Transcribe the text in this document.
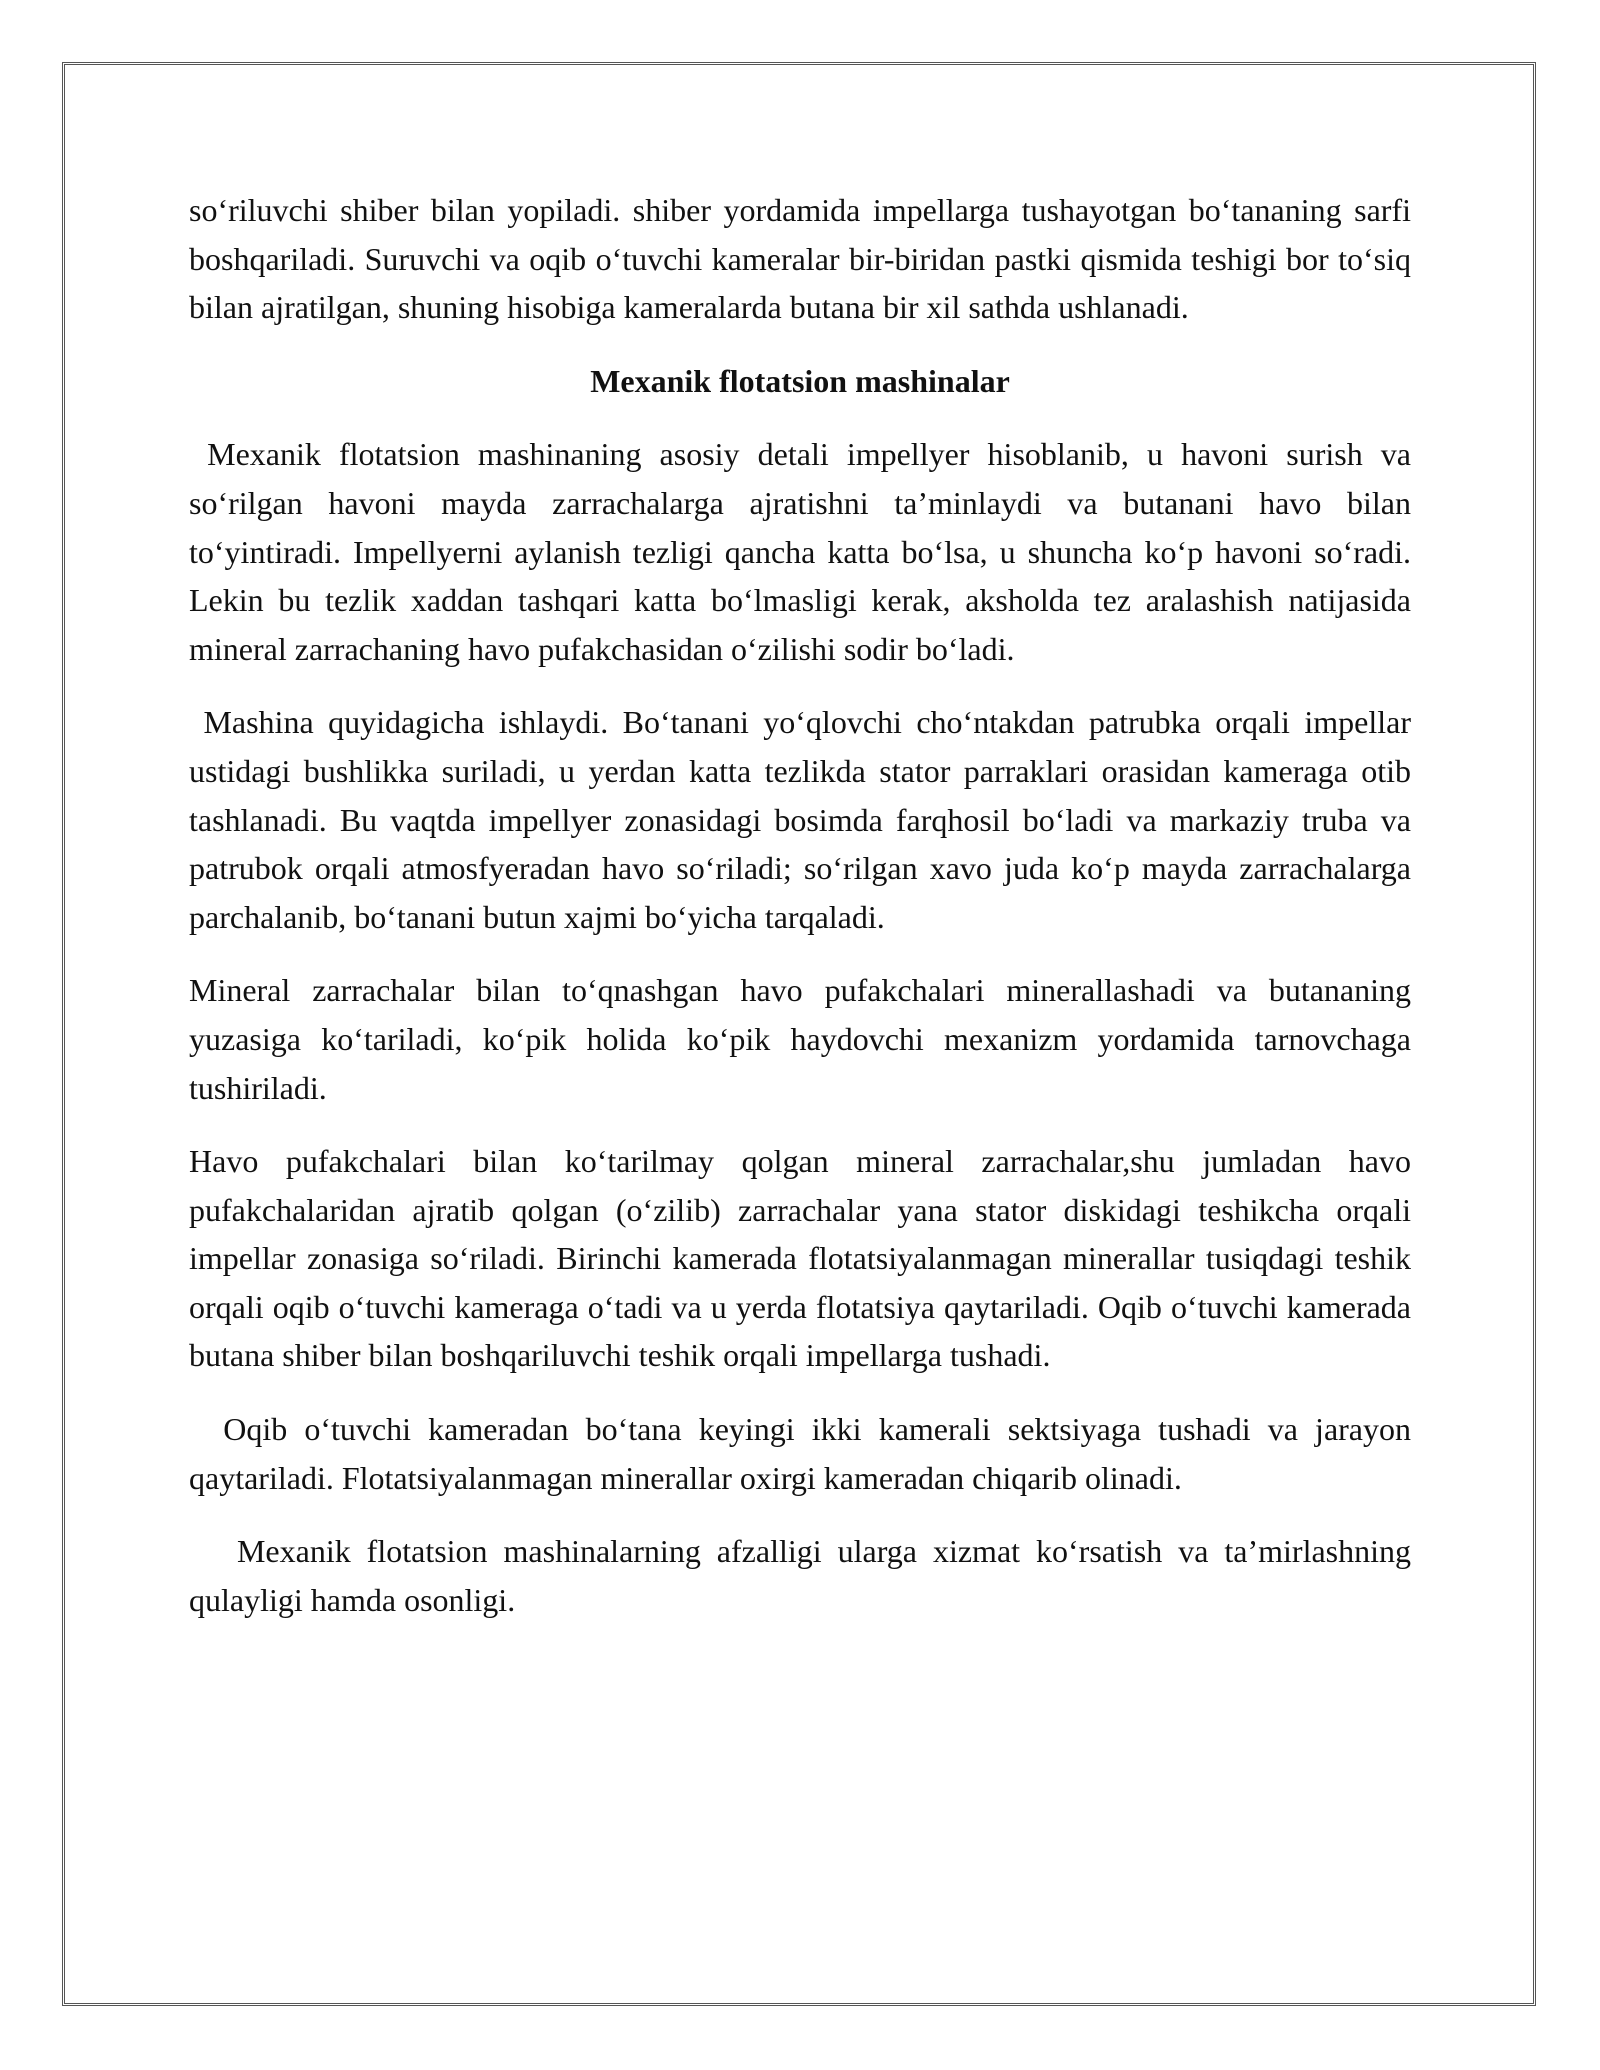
so‘riluvchi shiber bilan yopiladi. shiber yordamida impellarga tushayotgan bo‘tananing sarfi boshqariladi. Suruvchi va oqib o‘tuvchi kameralar bir-biridan pastki qismida teshigi bor to‘siq bilan ajratilgan, shuning hisobiga kameralarda butana bir xil sathda ushlanadi.

Mexanik flotatsion mashinalar

Mexanik flotatsion mashinaning asosiy detali impellyer hisoblanib, u havoni surish va so‘rilgan havoni mayda zarrachalarga ajratishni ta’minlaydi va butanani havo bilan to‘yintiradi. Impellyerni aylanish tezligi qancha katta bo‘lsa, u shuncha ko‘p havoni so‘radi. Lekin bu tezlik xaddan tashqari katta bo‘lmasligi kerak, aksholda tez aralashish natijasida mineral zarrachaning havo pufakchasidan o‘zilishi sodir bo‘ladi.

Mashina quyidagicha ishlaydi. Bo‘tanani yo‘qlovchi cho‘ntakdan patrubka orqali impellar ustidagi bushlikka suriladi, u yerdan katta tezlikda stator parraklari orasidan kameraga otib tashlanadi. Bu vaqtda impellyer zonasidagi bosimda farqhosil bo‘ladi va markaziy truba va patrubok orqali atmosfyeradan havo so‘riladi; so‘rilgan xavo juda ko‘p mayda zarrachalarga parchalanib, bo‘tanani butun xajmi bo‘yicha tarqaladi.

Mineral zarrachalar bilan to‘qnashgan havo pufakchalari minerallashadi va butananing yuzasiga ko‘tariladi, ko‘pik holida ko‘pik haydovchi mexanizm yordamida tarnovchaga tushiriladi.

Havo pufakchalari bilan ko‘tarilmay qolgan mineral zarrachalar,shu jumladan havo pufakchalaridan ajratib qolgan (o‘zilib) zarrachalar yana stator diskidagi teshikcha orqali impellar zonasiga so‘riladi. Birinchi kamerada flotatsiyalanmagan minerallar tusiqdagi teshik orqali oqib o‘tuvchi kameraga o‘tadi va u yerda flotatsiya qaytariladi. Oqib o‘tuvchi kamerada butana shiber bilan boshqariluvchi teshik orqali impellarga tushadi.

Oqib o‘tuvchi kameradan bo‘tana keyingi ikki kamerali sektsiyaga tushadi va jarayon qaytariladi. Flotatsiyalanmagan minerallar oxirgi kameradan chiqarib olinadi.

Mexanik flotatsion mashinalarning afzalligi ularga xizmat ko‘rsatish va ta’mirlashning qulayligi hamda osonligi.
